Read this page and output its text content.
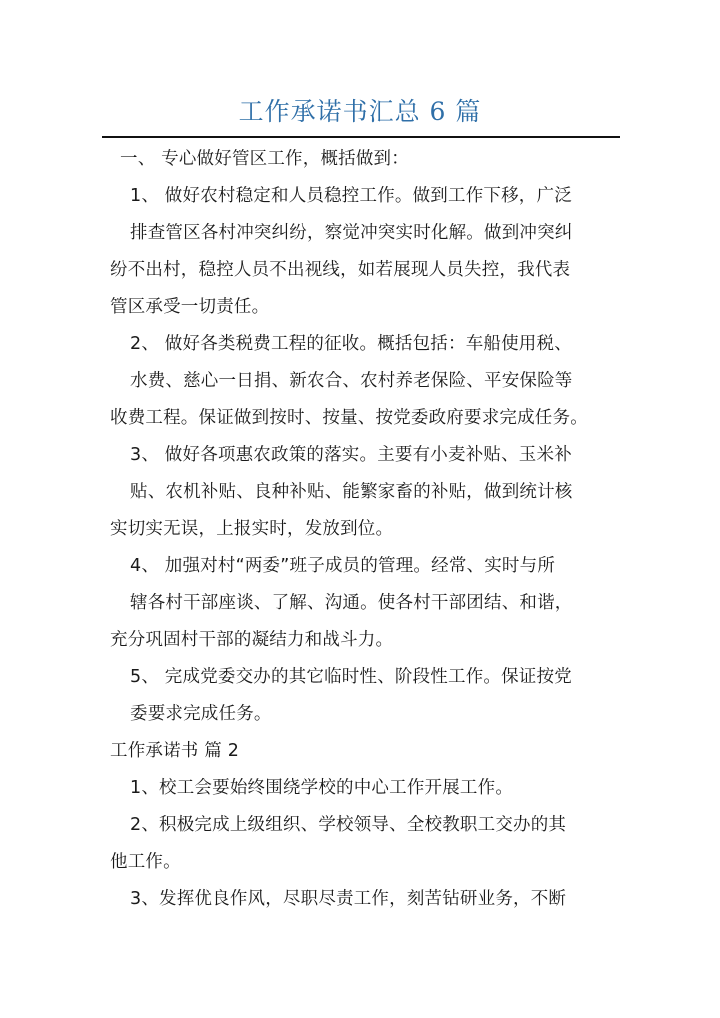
工作承诺书汇总 6 篇
一、 专心做好管区工作，概括做到：
1、 做好农村稳定和人员稳控工作。做到工作下移，广泛
排查管区各村冲突纠纷，察觉冲突实时化解。做到冲突纠
纷不出村，稳控人员不出视线，如若展现人员失控，我代表
管区承受一切责任。
2、 做好各类税费工程的征收。概括包括：车船使用税、
水费、慈心一日捐、新农合、农村养老保险、平安保险等
收费工程。保证做到按时、按量、按党委政府要求完成任务。
3、 做好各项惠农政策的落实。主要有小麦补贴、玉米补
贴、农机补贴、良种补贴、能繁家畜的补贴，做到统计核
实切实无误，上报实时，发放到位。
4、 加强对村“两委”班子成员的管理。经常、实时与所
辖各村干部座谈、了解、沟通。使各村干部团结、和谐，
充分巩固村干部的凝结力和战斗力。
5、 完成党委交办的其它临时性、阶段性工作。保证按党
委要求完成任务。
工作承诺书 篇 2
1、校工会要始终围绕学校的中心工作开展工作。
2、积极完成上级组织、学校领导、全校教职工交办的其
他工作。
3、发挥优良作风，尽职尽责工作，刻苦钻研业务，不断
